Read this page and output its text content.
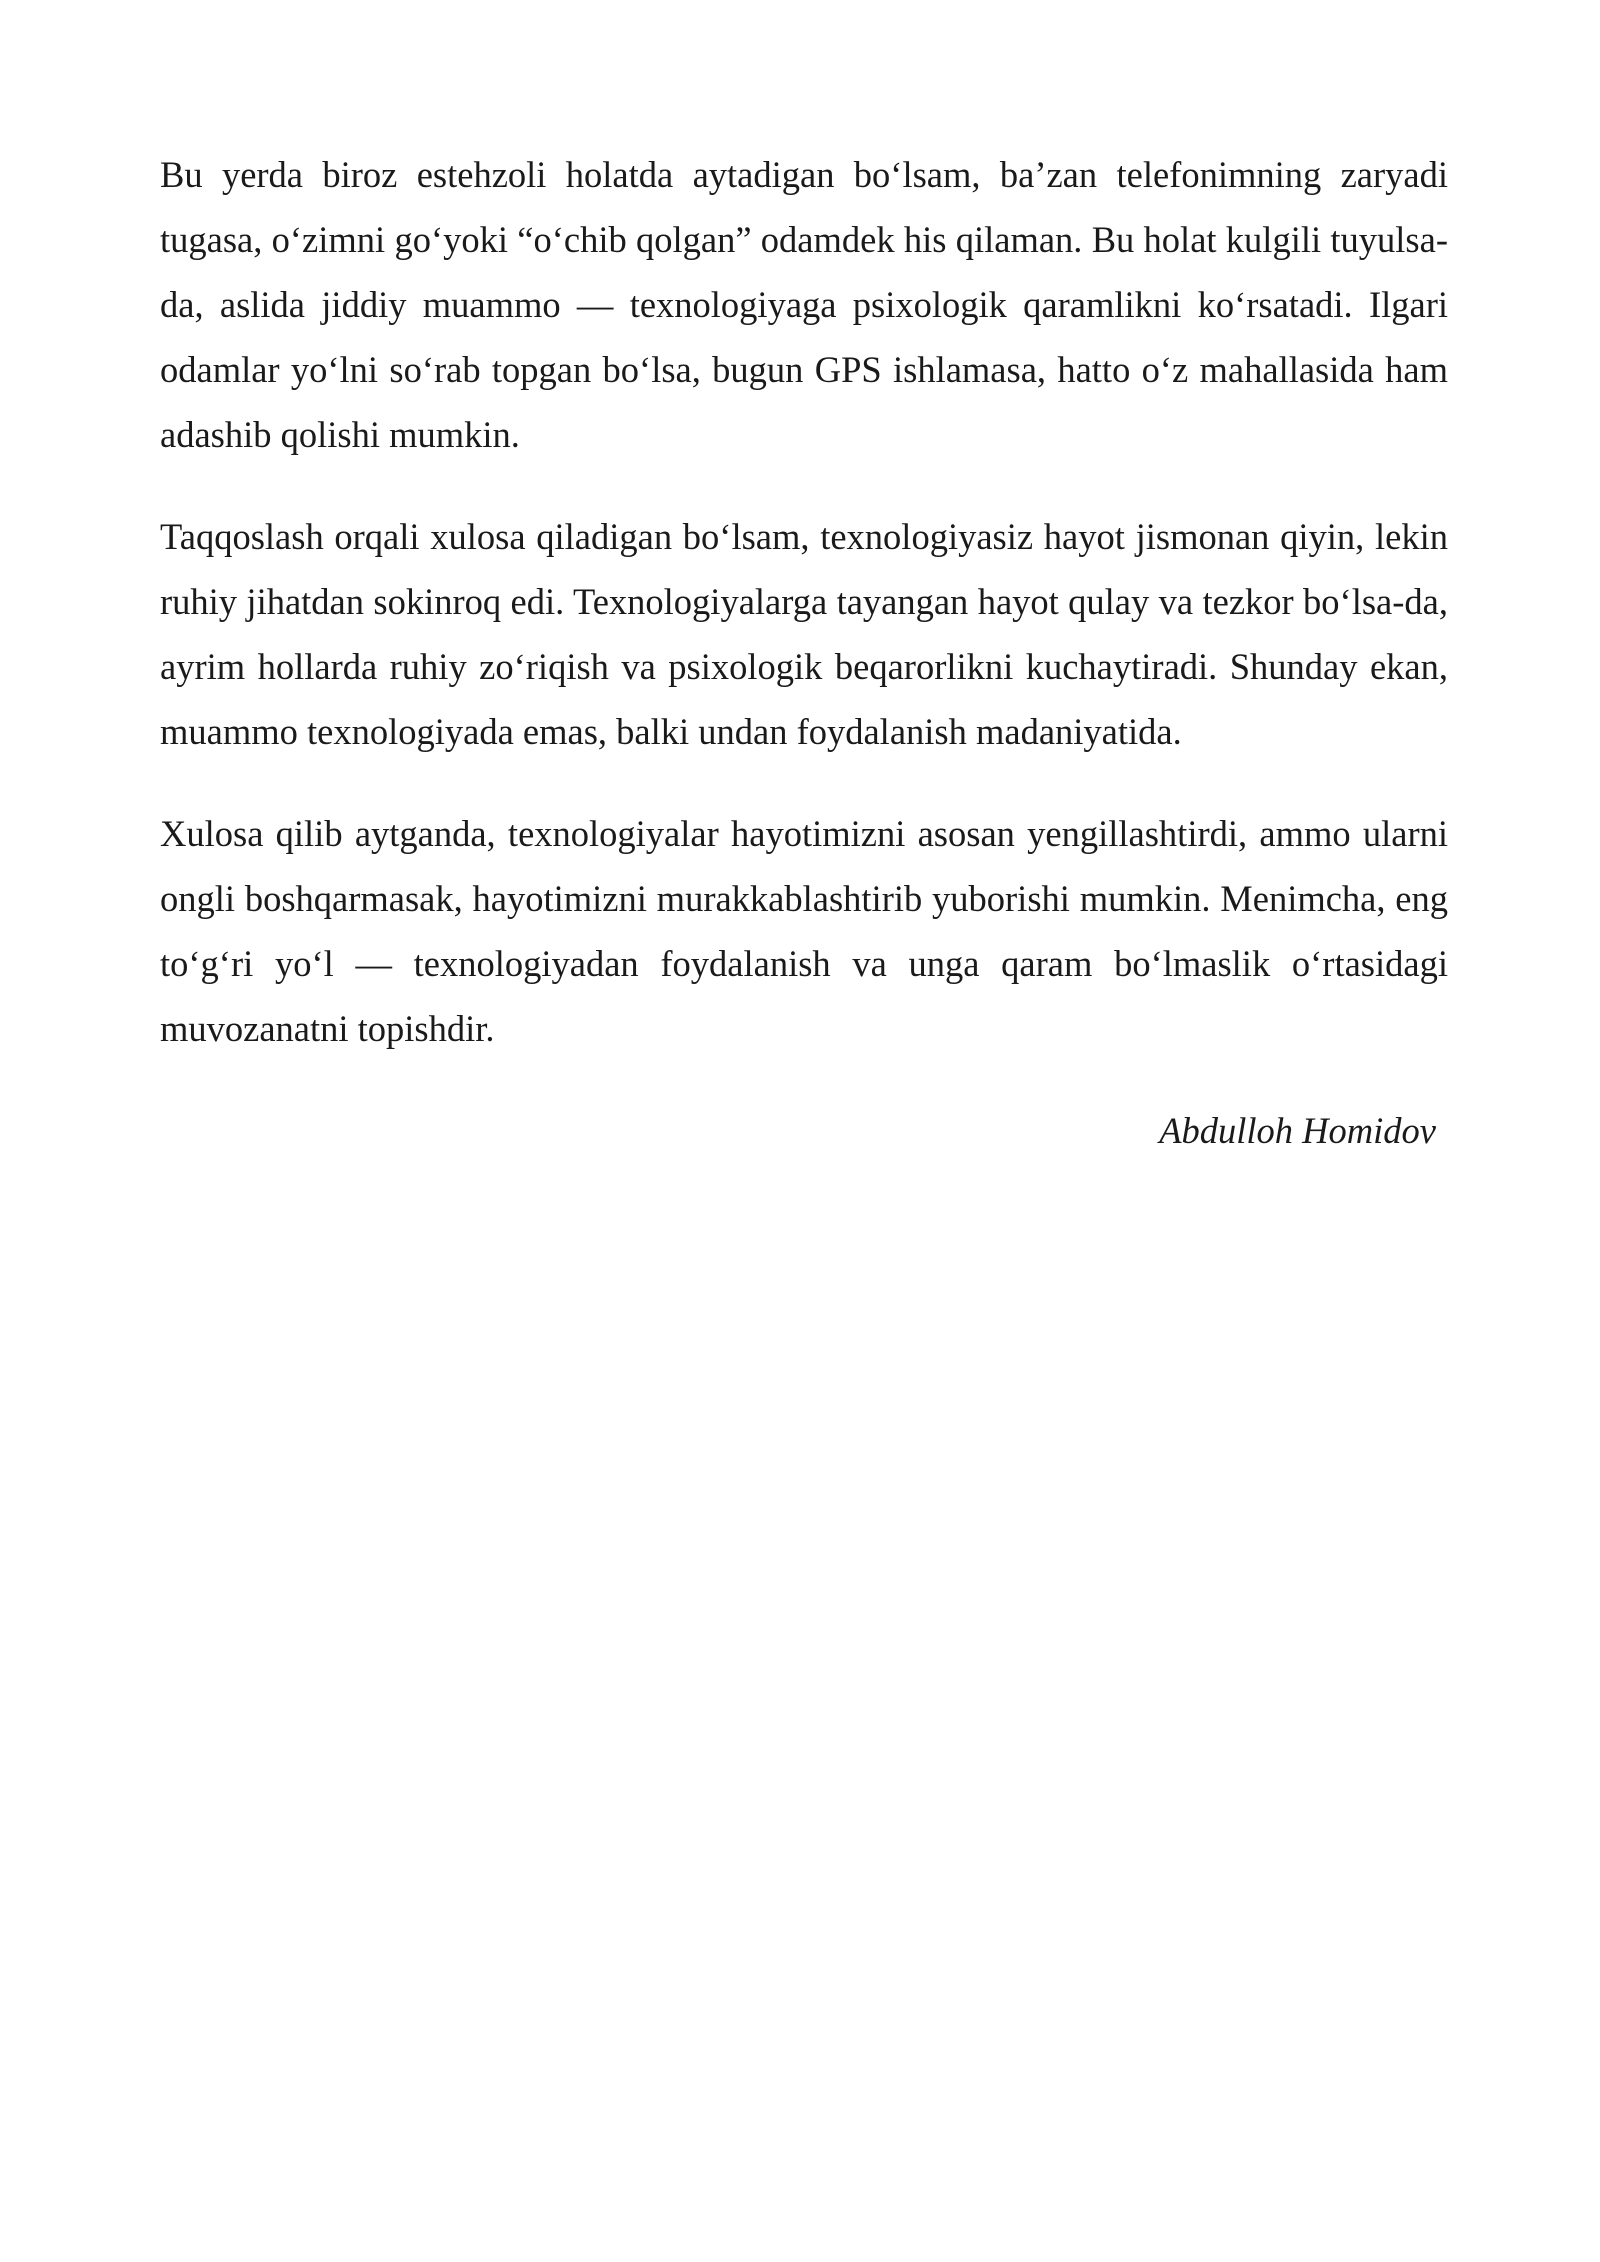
Bu yerda biroz estehzoli holatda aytadigan bo‘lsam, ba’zan telefonimning zaryadi tugasa, o‘zimni go‘yoki “o‘chib qolgan” odamdek his qilaman. Bu holat kulgili tuyulsa-da, aslida jiddiy muammo — texnologiyaga psixologik qaramlikni ko‘rsatadi. Ilgari odamlar yo‘lni so‘rab topgan bo‘lsa, bugun GPS ishlamasa, hatto o‘z mahallasida ham adashib qolishi mumkin.

Taqqoslash orqali xulosa qiladigan bo‘lsam, texnologiyasiz hayot jismonan qiyin, lekin ruhiy jihatdan sokinroq edi. Texnologiyalarga tayangan hayot qulay va tezkor bo‘lsa-da, ayrim hollarda ruhiy zo‘riqish va psixologik beqarorlikni kuchaytiradi. Shunday ekan, muammo texnologiyada emas, balki undan foydalanish madaniyatida.

Xulosa qilib aytganda, texnologiyalar hayotimizni asosan yengillashtirdi, ammo ularni ongli boshqarmasak, hayotimizni murakkablashtirib yuborishi mumkin. Menimcha, eng to‘g‘ri yo‘l — texnologiyadan foydalanish va unga qaram bo‘lmaslik o‘rtasidagi muvozanatni topishdir.

Abdulloh Homidov
